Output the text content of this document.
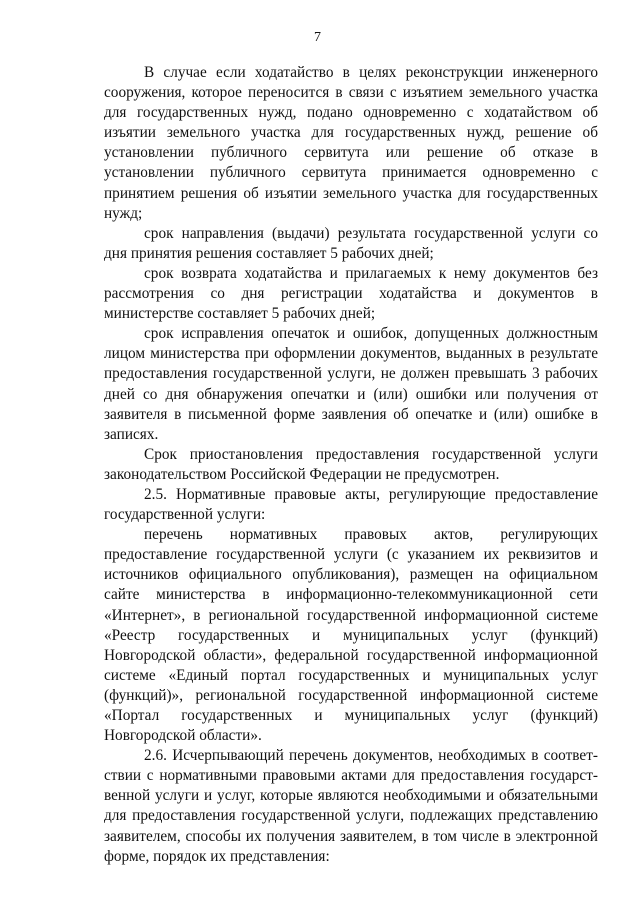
7

В случае если ходатайство в целях реконструкции инженерного сооружения, которое переносится в связи с изъятием земельного участка для государственных нужд, подано одновременно с ходатайством об изъятии земельного участка для государственных нужд, решение об установлении публичного сервитута или решение об отказе в установлении публичного сервитута принимается одновременно с принятием решения об изъятии земельного участка для государственных нужд;

срок направления (выдачи) результата государственной услуги со дня принятия решения составляет 5 рабочих дней;

срок возврата ходатайства и прилагаемых к нему документов без рассмотрения со дня регистрации ходатайства и документов в министерстве составляет 5 рабочих дней;

срок исправления опечаток и ошибок, допущенных должностным лицом министерства при оформлении документов, выданных в результате предоставления государственной услуги, не должен превышать 3 рабочих дней со дня обнаружения опечатки и (или) ошибки или получения от заявителя в письменной форме заявления об опечатке и (или) ошибке в записях.

Срок приостановления предоставления государственной услуги законодательством Российской Федерации не предусмотрен.

2.5. Нормативные правовые акты, регулирующие предоставление государственной услуги:

перечень нормативных правовых актов, регулирующих предоставление государственной услуги (с указанием их реквизитов и источников официального опубликования), размещен на официальном сайте министерства в информационно-телекоммуникационной сети «Интернет», в региональной государственной информационной системе «Реестр государственных и муниципальных услуг (функций) Новгородской области», федеральной государственной информационной системе «Единый портал государственных и муниципальных услуг (функций)», региональной государственной информационной системе «Портал государственных и муниципальных услуг (функций) Новгородской области».

2.6. Исчерпывающий перечень документов, необходимых в соответствии с нормативными правовыми актами для предоставления государственной услуги и услуг, которые являются необходимыми и обязательными для предоставления государственной услуги, подлежащих представлению заявителем, способы их получения заявителем, в том числе в электронной форме, порядок их представления:
